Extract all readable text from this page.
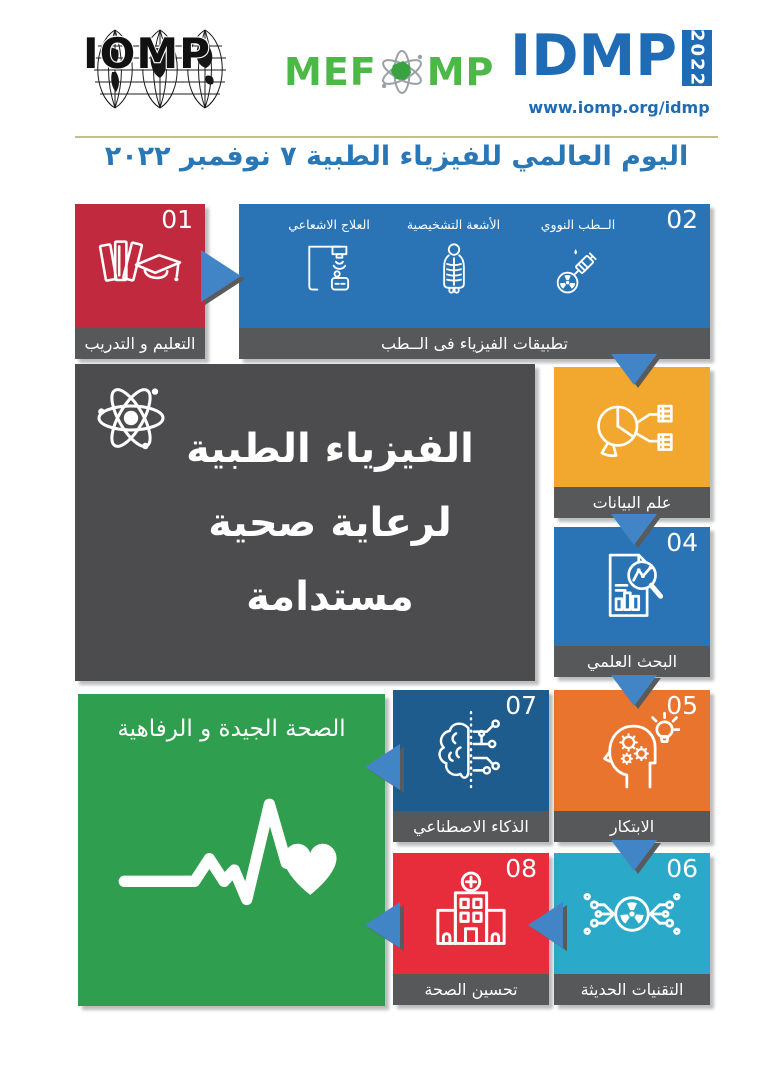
IOMP MEF MP IDMP 2022
www.iomp.org/idmp
اليوم العالمي للفيزياء الطبية ٧ نوفمبر ٢٠٢٢
01
التعليم و التدريب
02
العلاج الاشعاعي	الأشعة التشخيصية	الــطب النووي
تطبيقات الفيزياء فى الــطب
الفيزياء الطبية
لرعاية صحية
مستدامة
علم البيانات
04
البحث العلمي
05
الابتكار
07
الذكاء الاصطناعي
06
التقنيات الحديثة
08
تحسين الصحة
الصحة الجيدة و الرفاهية
